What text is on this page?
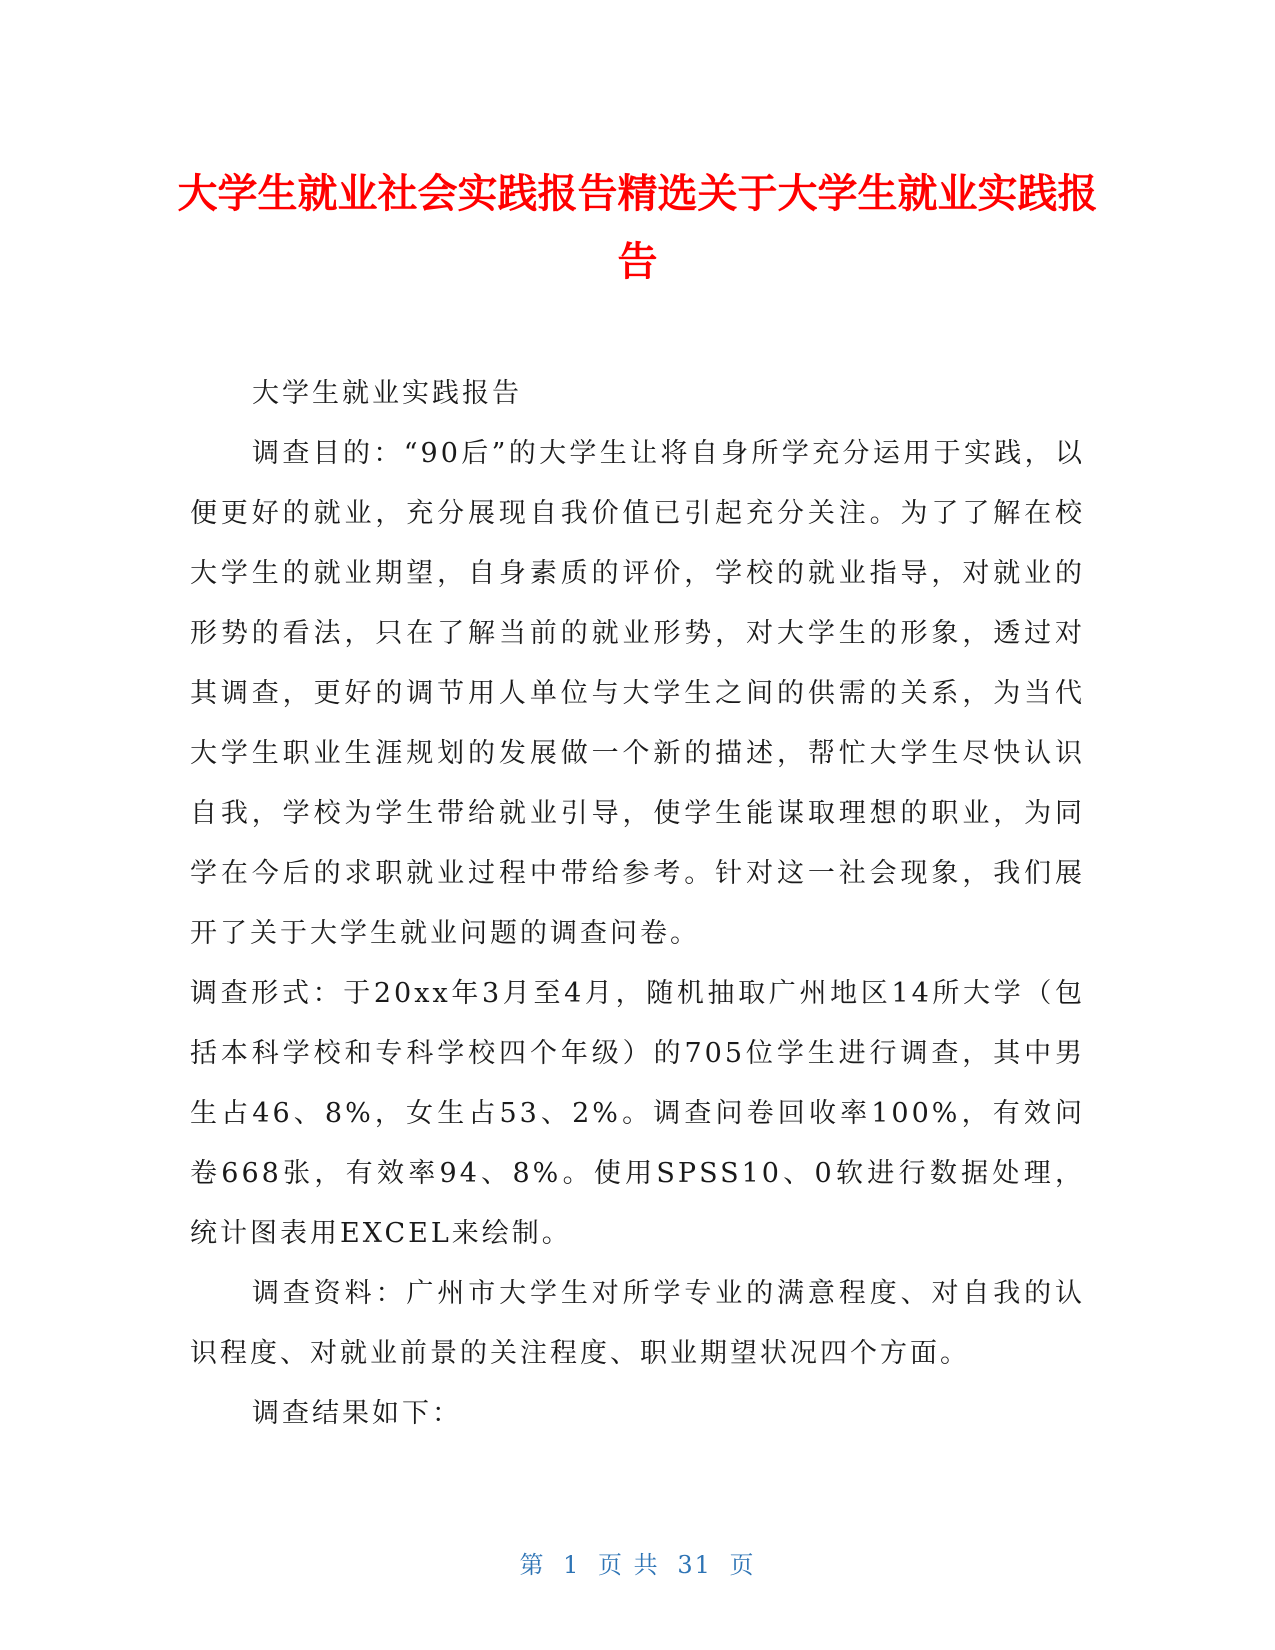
大学生就业社会实践报告精选关于大学生就业实践报告

大学生就业实践报告

调查目的：“90后”的大学生让将自身所学充分运用于实践，以便更好的就业，充分展现自我价值已引起充分关注。为了了解在校大学生的就业期望，自身素质的评价，学校的就业指导，对就业的形势的看法，只在了解当前的就业形势，对大学生的形象，透过对其调查，更好的调节用人单位与大学生之间的供需的关系，为当代大学生职业生涯规划的发展做一个新的描述，帮忙大学生尽快认识自我，学校为学生带给就业引导，使学生能谋取理想的职业，为同学在今后的求职就业过程中带给参考。针对这一社会现象，我们展开了关于大学生就业问题的调查问卷。

调查形式：于20xx年3月至4月，随机抽取广州地区14所大学（包括本科学校和专科学校四个年级）的705位学生进行调查，其中男生占46、8%，女生占53、2%。调查问卷回收率100%，有效问卷668张，有效率94、8%。使用SPSS10、0软进行数据处理，统计图表用EXCEL来绘制。

调查资料：广州市大学生对所学专业的满意程度、对自我的认识程度、对就业前景的关注程度、职业期望状况四个方面。

调查结果如下：

第 1 页 共 31 页
